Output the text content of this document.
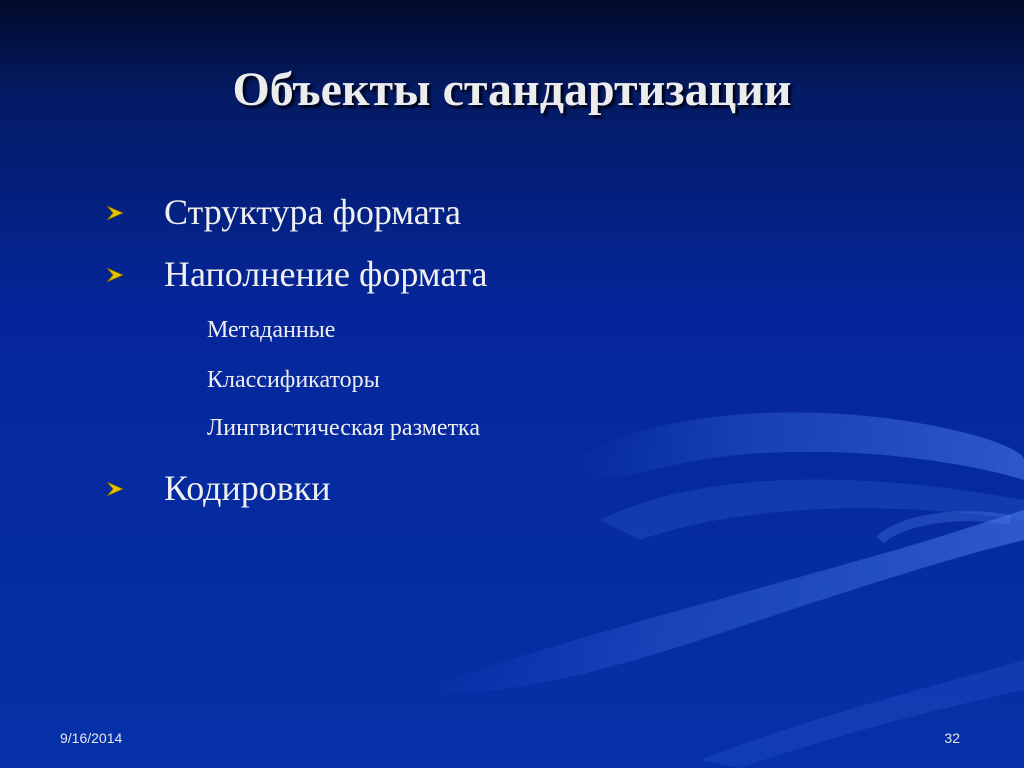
Объекты стандартизации
Структура формата
Наполнение формата
Метаданные
Классификаторы
Лингвистическая разметка
Кодировки
9/16/2014	32
